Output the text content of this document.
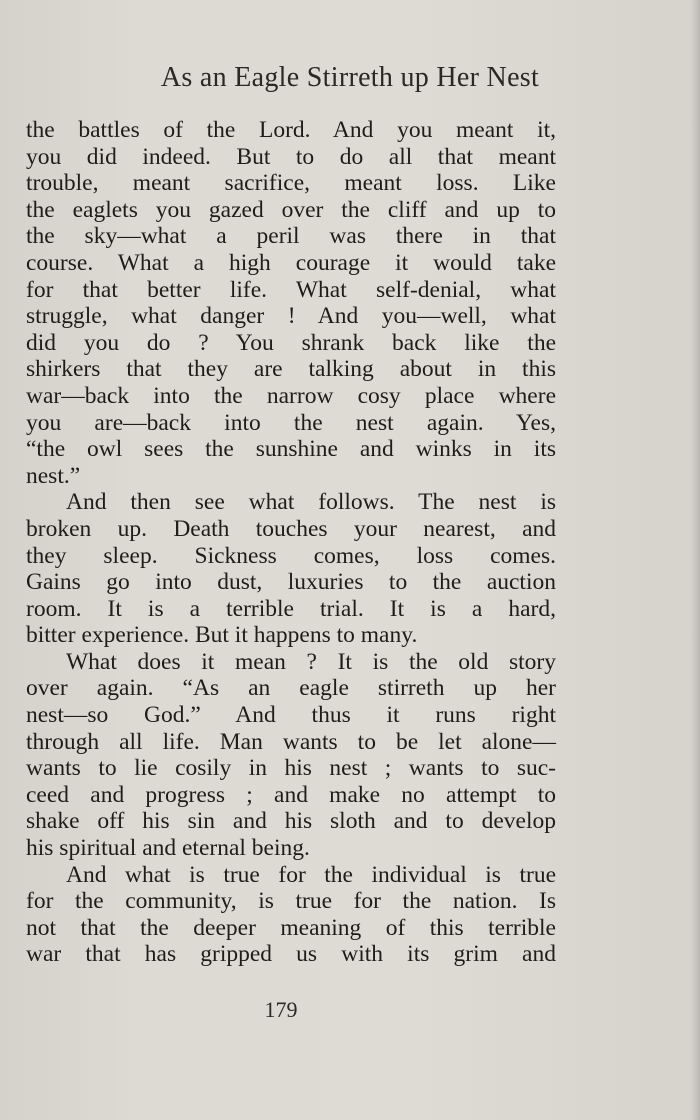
As an Eagle Stirreth up Her Nest
the battles of the Lord. And you meant it,
you did indeed. But to do all that meant
trouble, meant sacrifice, meant loss. Like
the eaglets you gazed over the cliff and up to
the sky—what a peril was there in that
course. What a high courage it would take
for that better life. What self-denial, what
struggle, what danger ! And you—well, what
did you do ? You shrank back like the
shirkers that they are talking about in this
war—back into the narrow cosy place where
you are—back into the nest again. Yes,
“the owl sees the sunshine and winks in its
nest.”
And then see what follows. The nest is
broken up. Death touches your nearest, and
they sleep. Sickness comes, loss comes.
Gains go into dust, luxuries to the auction
room. It is a terrible trial. It is a hard,
bitter experience. But it happens to many.
What does it mean ? It is the old story
over again. “As an eagle stirreth up her
nest—so God.” And thus it runs right
through all life. Man wants to be let alone—
wants to lie cosily in his nest ; wants to suc-
ceed and progress ; and make no attempt to
shake off his sin and his sloth and to develop
his spiritual and eternal being.
And what is true for the individual is true
for the community, is true for the nation. Is
not that the deeper meaning of this terrible
war that has gripped us with its grim and
179
